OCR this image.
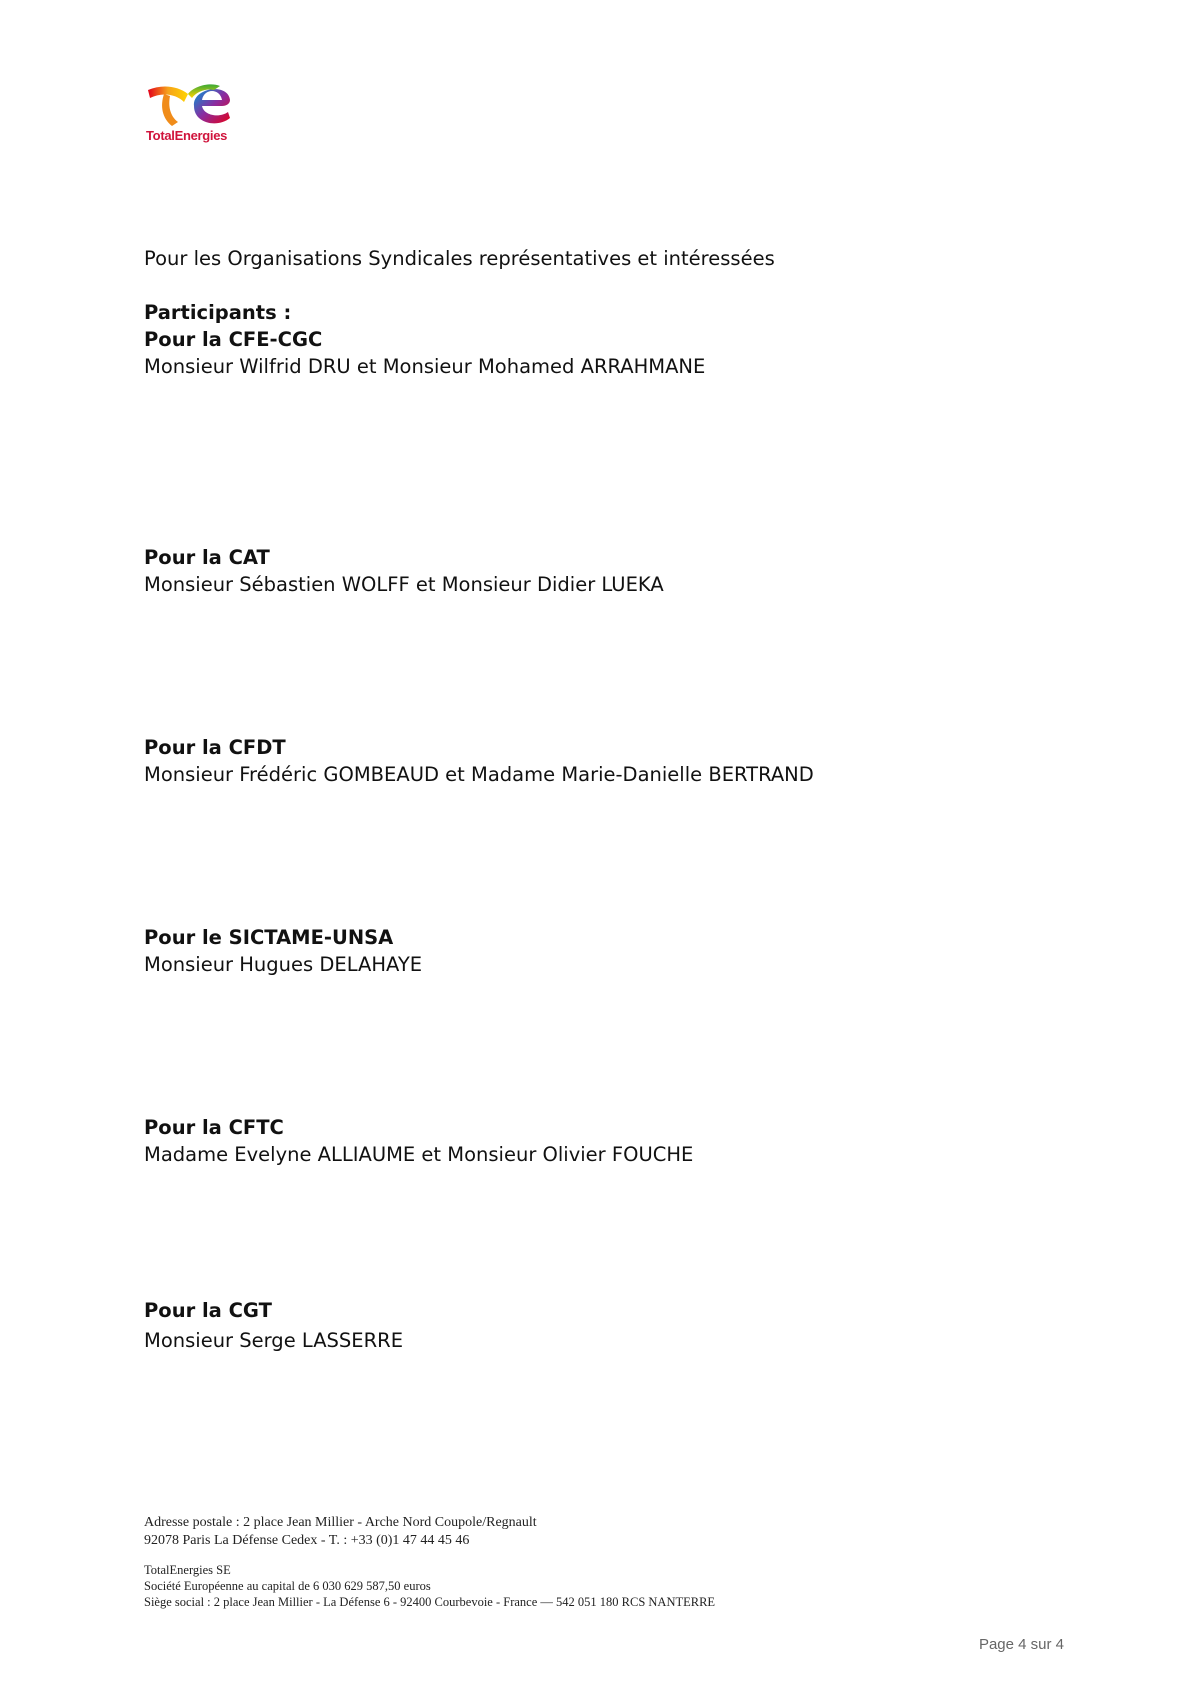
TotalEnergies
Pour les Organisations Syndicales représentatives et intéressées
Participants :
Pour la CFE-CGC
Monsieur Wilfrid DRU et Monsieur Mohamed ARRAHMANE
Pour la CAT
Monsieur Sébastien WOLFF et Monsieur Didier LUEKA
Pour la CFDT
Monsieur Frédéric GOMBEAUD et Madame Marie-Danielle BERTRAND
Pour le SICTAME-UNSA
Monsieur Hugues DELAHAYE
Pour la CFTC
Madame Evelyne ALLIAUME et Monsieur Olivier FOUCHE
Pour la CGT
Monsieur Serge LASSERRE
Adresse postale : 2 place Jean Millier - Arche Nord Coupole/Regnault
92078 Paris La Défense Cedex - T. : +33 (0)1 47 44 45 46
TotalEnergies SE
Société Européenne au capital de 6 030 629 587,50 euros
Siège social : 2 place Jean Millier - La Défense 6 - 92400 Courbevoie - France — 542 051 180 RCS NANTERRE
Page 4 sur 4
